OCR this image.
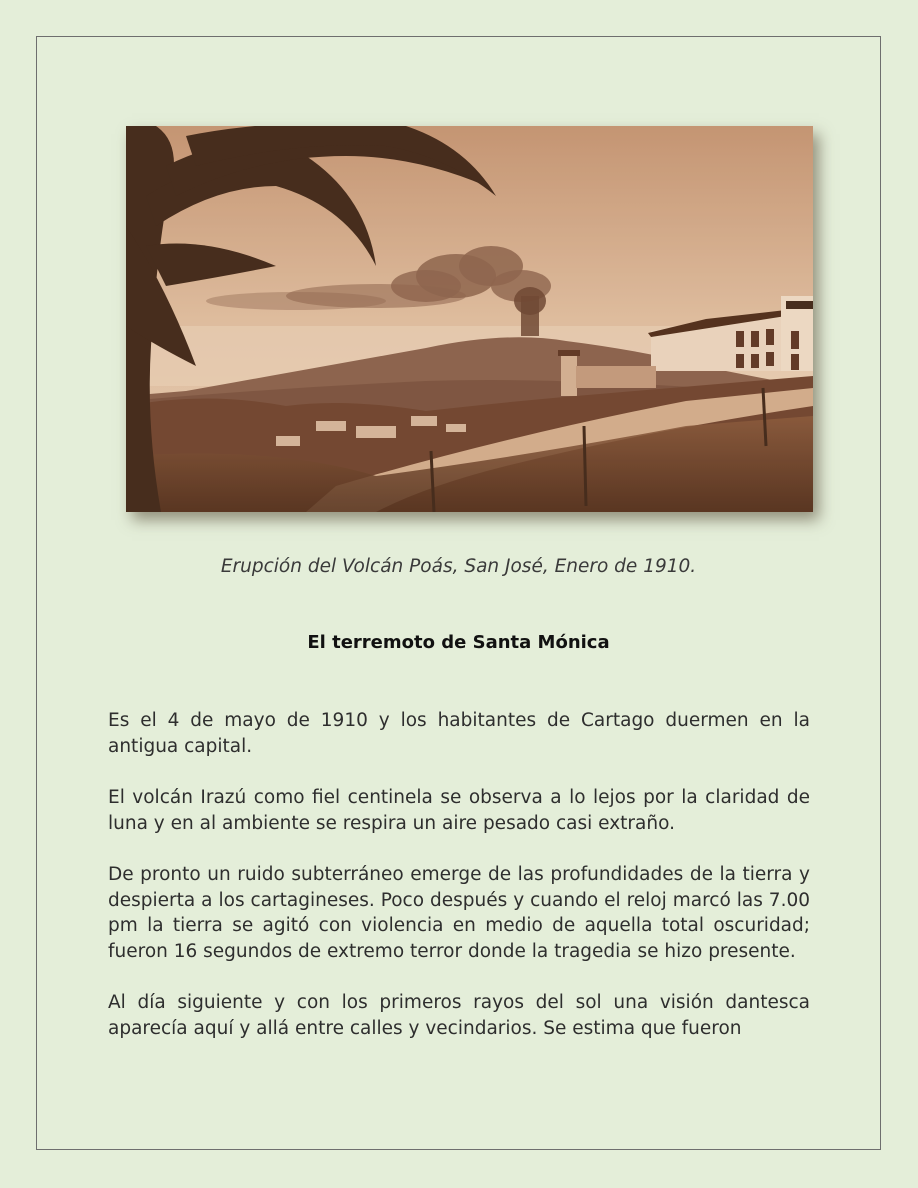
Erupción del Volcán Poás, San José, Enero de 1910.

El terremoto de Santa Mónica

Es el 4 de mayo de 1910 y los habitantes de Cartago duermen en la antigua capital.

El volcán Irazú como fiel centinela se observa a lo lejos por la claridad de luna y en al ambiente se respira un aire pesado casi extraño.

De pronto un ruido subterráneo emerge de las profundidades de la tierra y despierta a los cartagineses. Poco después y cuando el reloj marcó las 7.00 pm la tierra se agitó con violencia en medio de aquella total oscuridad; fueron 16 segundos de extremo terror donde la tragedia se hizo presente.

Al día siguiente y con los primeros rayos del sol una visión dantesca aparecía aquí y allá entre calles y vecindarios. Se estima que fueron
